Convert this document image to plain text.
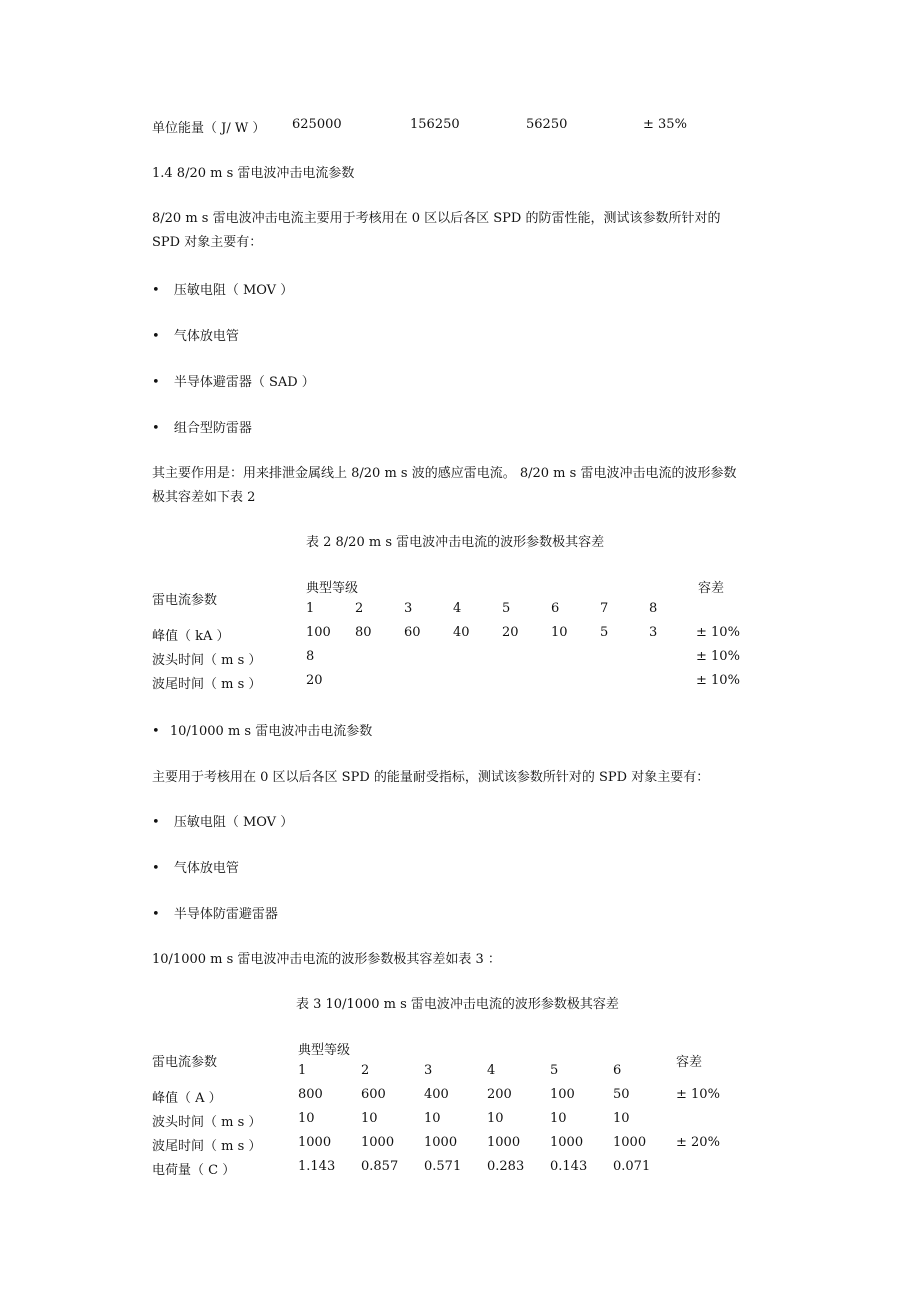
单位能量（ J/ W ） 625000	156250	56250	± 35%
1.4 8/20 m s 雷电波冲击电流参数
8/20 m s 雷电波冲击电流主要用于考核用在 0 区以后各区 SPD 的防雷性能，测试该参数所针对的
SPD 对象主要有：
• 压敏电阻（ MOV ）
• 气体放电管
• 半导体避雷器（ SAD ）
• 组合型防雷器
其主要作用是：用来排泄金属线上 8/20 m s 波的感应雷电流。 8/20 m s 雷电波冲击电流的波形参数
极其容差如下表 2
表 2 8/20 m s 雷电波冲击电流的波形参数极其容差
雷电流参数
典型等级	容差
1	2	3	4	5	6	7	8
峰值（ kA ）	100 80 60 40 20 10 5	3	± 10%
波头时间（ m s ）	8	± 10%
波尾时间（ m s ）	20	± 10%
• 10/1000 m s 雷电波冲击电流参数
主要用于考核用在 0 区以后各区 SPD 的能量耐受指标，测试该参数所针对的 SPD 对象主要有：
• 压敏电阻（ MOV ）
• 气体放电管
• 半导体防雷避雷器
10/1000 m s 雷电波冲击电流的波形参数极其容差如表 3 ：
表 3 10/1000 m s 雷电波冲击电流的波形参数极其容差
雷电流参数
典型等级
容差
1	2	3	4	5	6
峰值（ A ）	800	600	400	200	100	50	± 10%
波头时间（ m s ）	10	10	10	10	10	10
波尾时间（ m s ）	1000 1000 1000 1000 1000 1000 ± 20%
电荷量（ C ）	1.143 0.857 0.571 0.283 0.143 0.071
